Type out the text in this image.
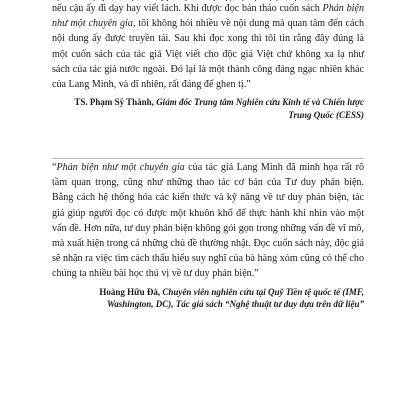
nếu cậu ấy đi dạy hay viết lách. Khi được đọc bản thảo cuốn sách Phản biện như một chuyên gia, tôi không hỏi nhiều về nội dung mà quan tâm đến cách nội dung ấy được truyền tải. Sau khi đọc xong thì tôi tin rằng đây đúng là một cuốn sách của tác giả Việt viết cho độc giả Việt chứ không xa lạ như sách của tác giả nước ngoài. Đó lại là một thành công đáng ngạc nhiên khác của Lang Minh, và dĩ nhiên, rất đáng để ghen tị.”

TS. Phạm Sỹ Thành, Giám đốc Trung tâm Nghiên cứu Kinh tế và Chiến lược Trung Quốc (CESS)

“Phản biện như một chuyên gia của tác giả Lang Minh đã minh họa rất rõ tầm quan trọng, cũng như những thao tác cơ bản của Tư duy phản biện. Bằng cách hệ thống hóa các kiến thức và kỹ năng về tư duy phản biện, tác giả giúp người đọc có được một khuôn khổ để thực hành khi nhìn vào một vấn đề. Hơn nữa, tư duy phản biện không gói gọn trong những vấn đề vĩ mô, mà xuất hiện trong cả những chủ đề thường nhật. Đọc cuốn sách này, độc giả sẽ nhận ra việc tìm cách thấu hiểu suy nghĩ của bà hàng xóm cũng có thể cho chúng ta nhiều bài học thú vị về tư duy phản biện.”

Hoàng Hữu Đà, Chuyên viên nghiên cứu tại Quỹ Tiền tệ quốc tế (IMF, Washington, DC), Tác giả sách “Nghệ thuật tư duy dựa trên dữ liệu”
